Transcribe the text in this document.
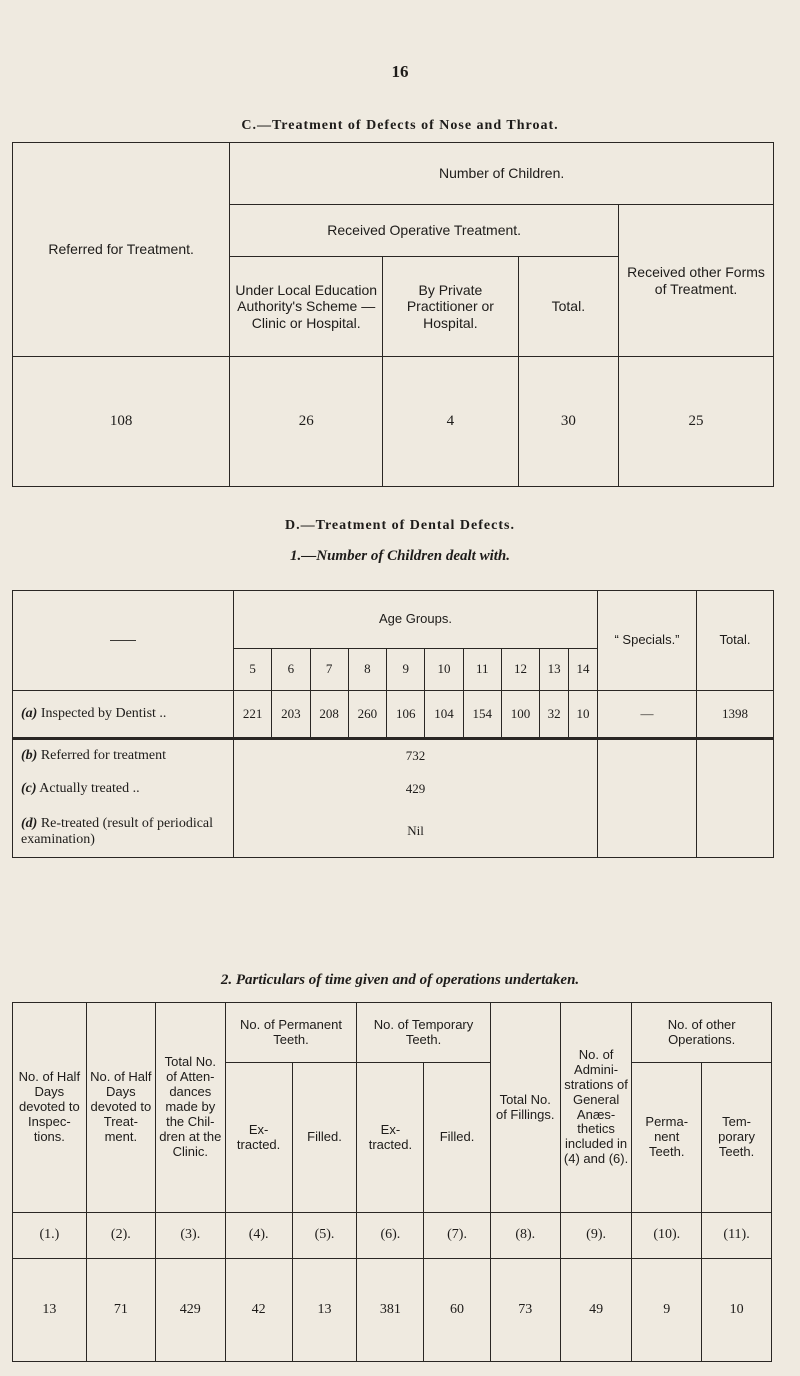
16
C.—Treatment of Defects of Nose and Throat.
Referred for Treatment.	Number of Children.			
	Received Operative Treatment.			Received other Forms of Treatment.
	Under Local Education Authority's Scheme —Clinic or Hospital.	By Private Practitioner or Hospital.	Total.	
108	26	4	30	25
D.—Treatment of Dental Defects.
1.—Number of Children dealt with.
——	Age Groups.										“ Specials.”	Total.
	5	6	7	8	9	10	11	12	13	14		
(a) Inspected by Dentist ..	221	203	208	260	106	104	154	100	32	10	—	1398
(b) Referred for treatment	732											
(c) Actually treated ..	429											
(d) Re-treated (result of periodical examination)	Nil											
2. Particulars of time given and of operations undertaken.
No. of Half Days devoted to Inspec- tions.	No. of Half Days devoted to Treat- ment.	Total No. of Atten- dances made by the Chil- dren at the Clinic.	No. of Permanent Teeth.		No. of Temporary Teeth.		Total No. of Fillings.	No. of Admini- strations of General Anæs- thetics included in (4) and (6).	No. of other Operations.	
			Ex- tracted.	Filled.	Ex- tracted.	Filled.			Perma- nent Teeth.	Tem- porary Teeth.
(1.)	(2).	(3).	(4).	(5).	(6).	(7).	(8).	(9).	(10).	(11).
13	71	429	42	13	381	60	73	49	9	10
